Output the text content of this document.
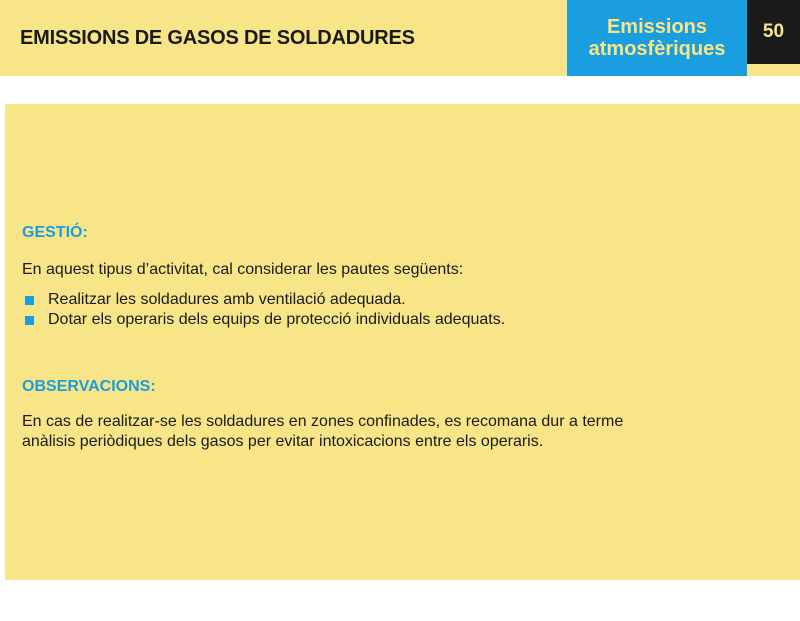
EMISSIONS DE GASOS DE SOLDADURES	Emissions
atmosfèriques
50
GESTIÓ:
En aquest tipus d’activitat, cal considerar les pautes següents:
Realitzar les soldadures amb ventilació adequada.
Dotar els operaris dels equips de protecció individuals adequats.
OBSERVACIONS:
En cas de realitzar-se les soldadures en zones confinades, es recomana dur a terme
anàlisis periòdiques dels gasos per evitar intoxicacions entre els operaris.
